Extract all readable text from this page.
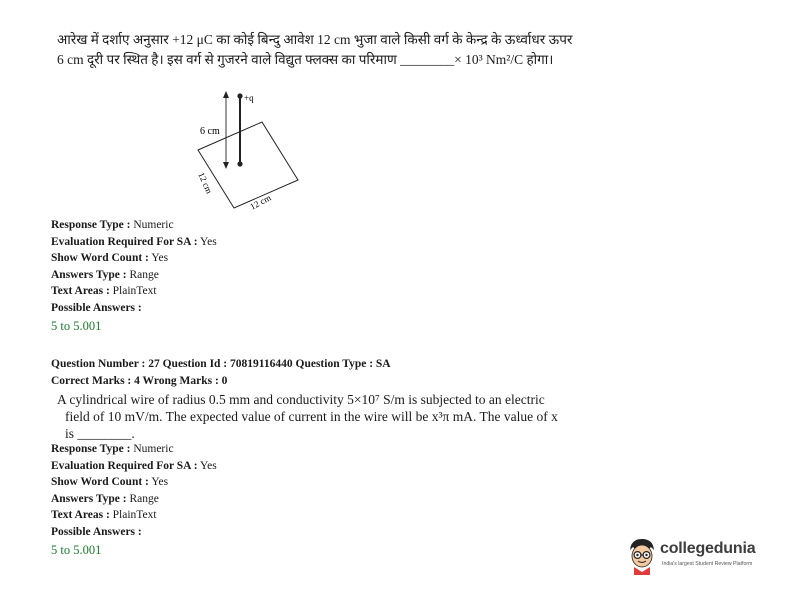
आरेख में दर्शाए अनुसार +12 μC का कोई बिन्दु आवेश 12 cm भुजा वाले किसी वर्ग के केन्द्र के ऊर्ध्वाधर ऊपर
6 cm दूरी पर स्थित है। इस वर्ग से गुजरने वाले विद्युत फ्लक्स का परिमाण ________× 10³ Nm²/C होगा।
+q
6 cm
12 cm
12 cm
Response Type : Numeric
Evaluation Required For SA : Yes
Show Word Count : Yes
Answers Type : Range
Text Areas : PlainText
Possible Answers :
5 to 5.001
Question Number : 27 Question Id : 70819116440 Question Type : SA
Correct Marks : 4 Wrong Marks : 0
A cylindrical wire of radius 0.5 mm and conductivity 5×10⁷ S/m is subjected to an electric
field of 10 mV/m. The expected value of current in the wire will be x³π mA. The value of x
is ________.
Response Type : Numeric
Evaluation Required For SA : Yes
Show Word Count : Yes
Answers Type : Range
Text Areas : PlainText
Possible Answers :
5 to 5.001	collegedunia
India's largest Student Review Platform
